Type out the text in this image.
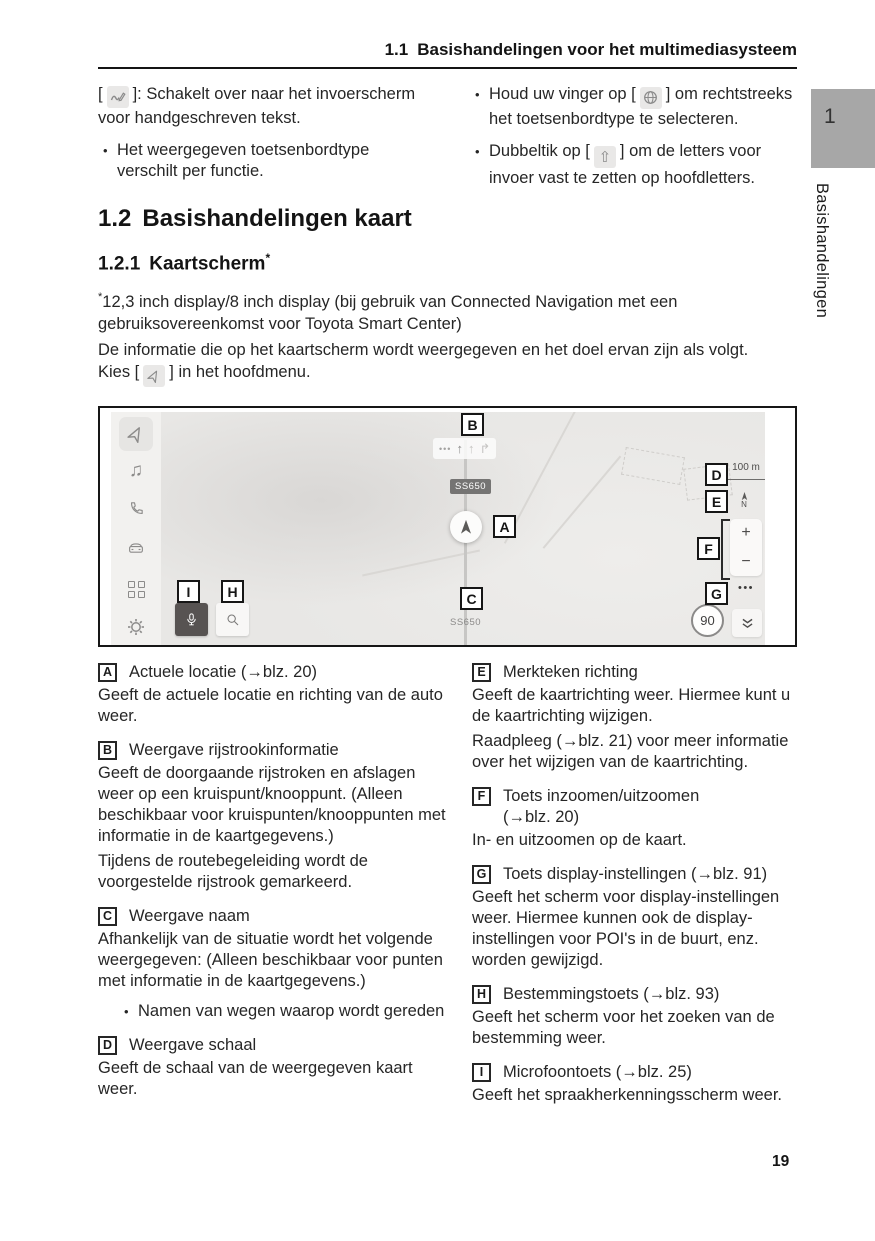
1.1 Basishandelingen voor het multimediasysteem
1
Basishandelingen
[ ]: Schakelt over naar het invoerscherm voor handgeschreven tekst.
• Het weergegeven toetsenbordtype verschilt per functie.
• Houd uw vinger op [ ] om rechtstreeks het toetsenbordtype te selecteren.
• Dubbeltik op [ ⇧ ] om de letters voor invoer vast te zetten op hoofdletters.
1.2 Basishandelingen kaart
1.2.1 Kaartscherm*
*12,3 inch display/8 inch display (bij gebruik van Connected Navigation met een gebruiksovereenkomst voor Toyota Smart Center)
De informatie die op het kaartscherm wordt weergegeven en het doel ervan zijn als volgt.
Kies [ ] in het hoofdmenu.
♫
••• ↑ ↑ ↱
SS650
SS650
100 m
N
+
−
•••
90
A
B
C
D
E
F
G
H
I
A	Actuele locatie (→blz. 20)

Geeft de actuele locatie en richting van de auto weer.

B	Weergave rijstrookinformatie

Geeft de doorgaande rijstroken en afslagen weer op een kruispunt/knooppunt. (Alleen beschikbaar voor kruispunten/knooppunten met informatie in de kaartgegevens.)

Tijdens de routebegeleiding wordt de voorgestelde rijstrook gemarkeerd.

C	Weergave naam

Afhankelijk van de situatie wordt het volgende weergegeven: (Alleen beschikbaar voor punten met informatie in de kaartgegevens.)

• Namen van wegen waarop wordt gereden
D	Weergave schaal

Geeft de schaal van de weergegeven kaart weer.

E	Merkteken richting

Geeft de kaartrichting weer. Hiermee kunt u de kaartrichting wijzigen.

Raadpleeg (→blz. 21) voor meer informatie over het wijzigen van de kaartrichting.

F	Toets inzoomen/uitzoomen (→blz. 20)

In- en uitzoomen op de kaart.

G Toets display-instellingen (→blz. 91)

Geeft het scherm voor display-instellingen weer. Hiermee kunnen ook de display-instellingen voor POI's in de buurt, enz. worden gewijzigd.

H	Bestemmingstoets (→blz. 93)

Geeft het scherm voor het zoeken van de bestemming weer.

I	Microfoontoets (→blz. 25)

Geeft het spraakherkenningsscherm weer.

19
